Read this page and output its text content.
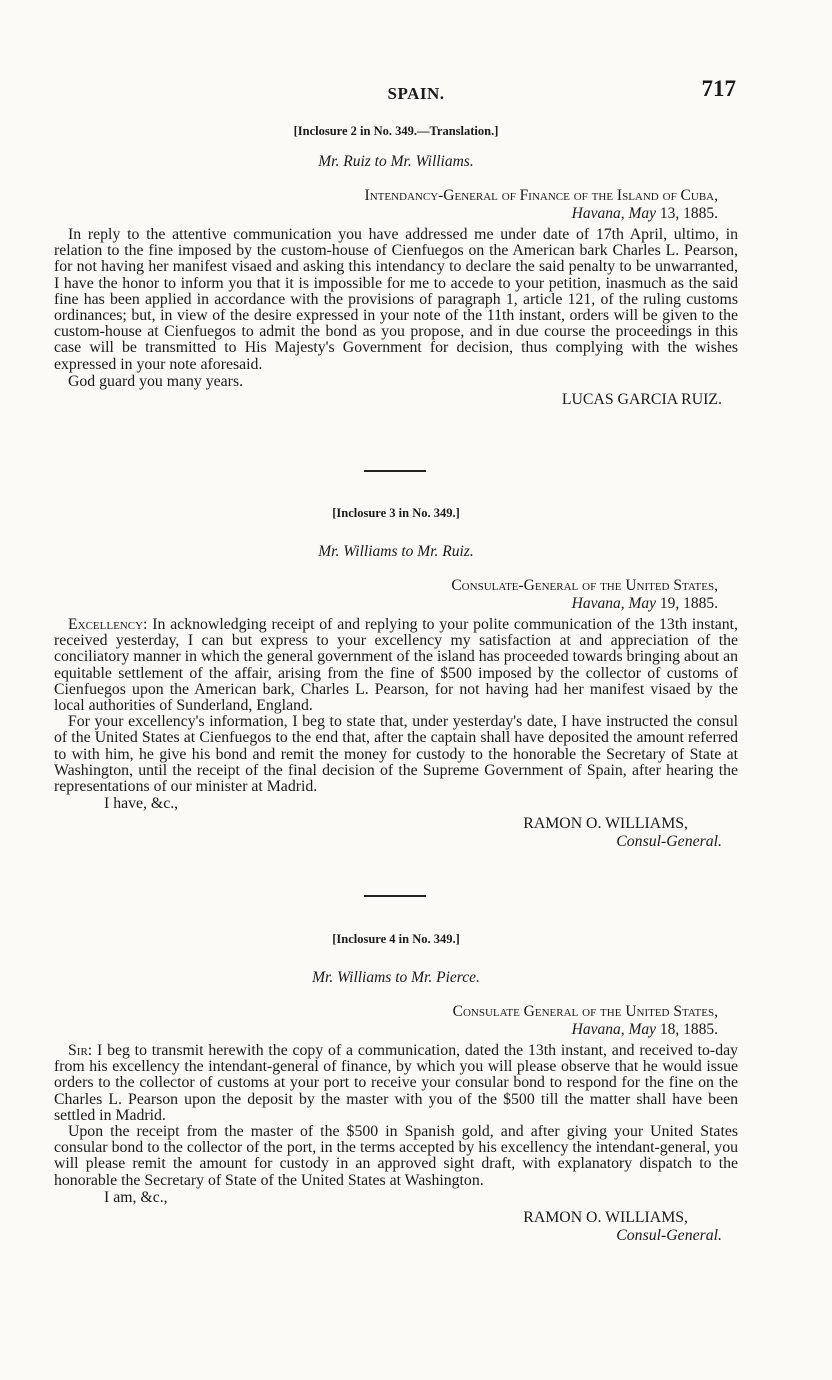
SPAIN.	717

[Inclosure 2 in No. 349.—Translation.]

Mr. Ruiz to Mr. Williams.

Intendancy-General of Finance of the Island of Cuba,

Havana, May 13, 1885.

In reply to the attentive communication you have addressed me under date of 17th April, ultimo, in relation to the fine imposed by the custom-house of Cienfuegos on the American bark Charles L. Pearson, for not having her manifest visaed and asking this intendancy to declare the said penalty to be unwarranted, I have the honor to inform you that it is impossible for me to accede to your petition, inasmuch as the said fine has been applied in accordance with the provisions of paragraph 1, article 121, of the ruling customs ordinances; but, in view of the desire expressed in your note of the 11th instant, orders will be given to the custom-house at Cienfuegos to admit the bond as you propose, and in due course the proceedings in this case will be transmitted to His Majesty's Government for decision, thus complying with the wishes expressed in your note aforesaid.

God guard you many years.

LUCAS GARCIA RUIZ.

[Inclosure 3 in No. 349.]

Mr. Williams to Mr. Ruiz.

Consulate-General of the United States,

Havana, May 19, 1885.

Excellency: In acknowledging receipt of and replying to your polite communication of the 13th instant, received yesterday, I can but express to your excellency my satisfaction at and appreciation of the conciliatory manner in which the general government of the island has proceeded towards bringing about an equitable settlement of the affair, arising from the fine of $500 imposed by the collector of customs of Cienfuegos upon the American bark, Charles L. Pearson, for not having had her manifest visaed by the local authorities of Sunderland, England.

For your excellency's information, I beg to state that, under yesterday's date, I have instructed the consul of the United States at Cienfuegos to the end that, after the captain shall have deposited the amount referred to with him, he give his bond and remit the money for custody to the honorable the Secretary of State at Washington, until the receipt of the final decision of the Supreme Government of Spain, after hearing the representations of our minister at Madrid.

I have, &c.,

RAMON O. WILLIAMS,

Consul-General.

[Inclosure 4 in No. 349.]

Mr. Williams to Mr. Pierce.

Consulate General of the United States,

Havana, May 18, 1885.

Sir: I beg to transmit herewith the copy of a communication, dated the 13th instant, and received to-day from his excellency the intendant-general of finance, by which you will please observe that he would issue orders to the collector of customs at your port to receive your consular bond to respond for the fine on the Charles L. Pearson upon the deposit by the master with you of the $500 till the matter shall have been settled in Madrid.

Upon the receipt from the master of the $500 in Spanish gold, and after giving your United States consular bond to the collector of the port, in the terms accepted by his excellency the intendant-general, you will please remit the amount for custody in an approved sight draft, with explanatory dispatch to the honorable the Secretary of State of the United States at Washington.

I am, &c.,

RAMON O. WILLIAMS,

Consul-General.
